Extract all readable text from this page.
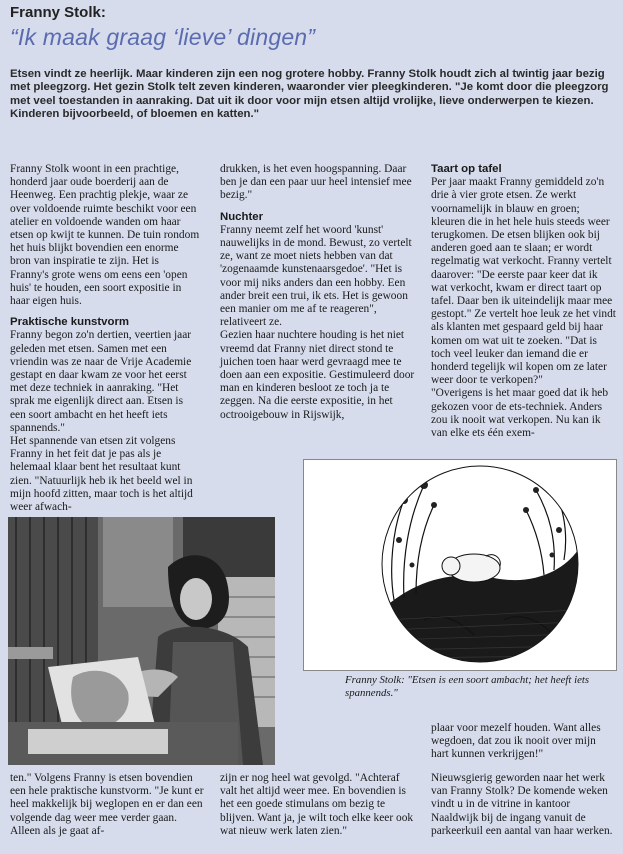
Franny Stolk:
“Ik maak graag ‘lieve’ dingen”
Etsen vindt ze heerlijk. Maar kinderen zijn een nog grotere hobby. Franny Stolk houdt zich al twintig jaar bezig met pleegzorg. Het gezin Stolk telt zeven kinderen, waaronder vier pleegkinderen. "Je komt door die pleegzorg met veel toestanden in aanraking. Dat uit ik door voor mijn etsen altijd vrolijke, lieve onderwerpen te kiezen. Kinderen bijvoorbeeld, of bloemen en katten."

Franny Stolk woont in een prachtige, honderd jaar oude boerderij aan de Heenweg. Een prachtig plekje, waar ze over voldoende ruimte beschikt voor een atelier en voldoende wanden om haar etsen op kwijt te kunnen. De tuin rondom het huis blijkt bovendien een enorme bron van inspiratie te zijn. Het is Franny's grote wens om eens een 'open huis' te houden, een soort expositie in haar eigen huis.

Praktische kunstvorm

Franny begon zo'n dertien, veertien jaar geleden met etsen. Samen met een vriendin was ze naar de Vrije Academie gestapt en daar kwam ze voor het eerst met deze techniek in aanraking. "Het sprak me eigenlijk direct aan. Etsen is een soort ambacht en het heeft iets spannends."

Het spannende van etsen zit volgens Franny in het feit dat je pas als je helemaal klaar bent het resultaat kunt zien. "Natuurlijk heb ik het beeld wel in mijn hoofd zitten, maar toch is het altijd weer afwach-

drukken, is het even hoogspanning. Daar ben je dan een paar uur heel intensief mee bezig."

Nuchter

Franny neemt zelf het woord 'kunst' nauwelijks in de mond. Bewust, zo vertelt ze, want ze moet niets hebben van dat 'zogenaamde kunstenaarsgedoe'. "Het is voor mij niks anders dan een hobby. Een ander breit een trui, ik ets. Het is gewoon een manier om me af te reageren", relativeert ze.

Gezien haar nuchtere houding is het niet vreemd dat Franny niet direct stond te juichen toen haar werd gevraagd mee te doen aan een expositie. Gestimuleerd door man en kinderen besloot ze toch ja te zeggen. Na die eerste expositie, in het octrooigebouw in Rijswijk,

Taart op tafel

Per jaar maakt Franny gemiddeld zo'n drie à vier grote etsen. Ze werkt voornamelijk in blauw en groen; kleuren die in het hele huis steeds weer terugkomen. De etsen blijken ook bij anderen goed aan te slaan; er wordt regelmatig wat verkocht. Franny vertelt daarover: "De eerste paar keer dat ik wat verkocht, kwam er direct taart op tafel. Daar ben ik uiteindelijk maar mee gestopt." Ze vertelt hoe leuk ze het vindt als klanten met gespaard geld bij haar komen om wat uit te zoeken. "Dat is toch veel leuker dan iemand die er honderd tegelijk wil kopen om ze later weer door te verkopen?"

"Overigens is het maar goed dat ik heb gekozen voor de ets-techniek. Anders zou ik nooit wat verkopen. Nu kan ik van elke ets één exem-

Franny Stolk: "Etsen is een soort ambacht; het heeft iets spannends."

ten." Volgens Franny is etsen bovendien een hele praktische kunstvorm. "Je kunt er heel makkelijk bij weglopen en er dan een volgende dag weer mee verder gaan. Alleen als je gaat af-

zijn er nog heel wat gevolgd. "Achteraf valt het altijd weer mee. En bovendien is het een goede stimulans om bezig te blijven. Want ja, je wilt toch elke keer ook wat nieuw werk laten zien."

plaar voor mezelf houden. Want alles wegdoen, dat zou ik nooit over mijn hart kunnen verkrijgen!"

Nieuwsgierig geworden naar het werk van Franny Stolk? De komende weken vindt u in de vitrine in kantoor Naaldwijk bij de ingang vanuit de parkeerkuil een aantal van haar werken.
